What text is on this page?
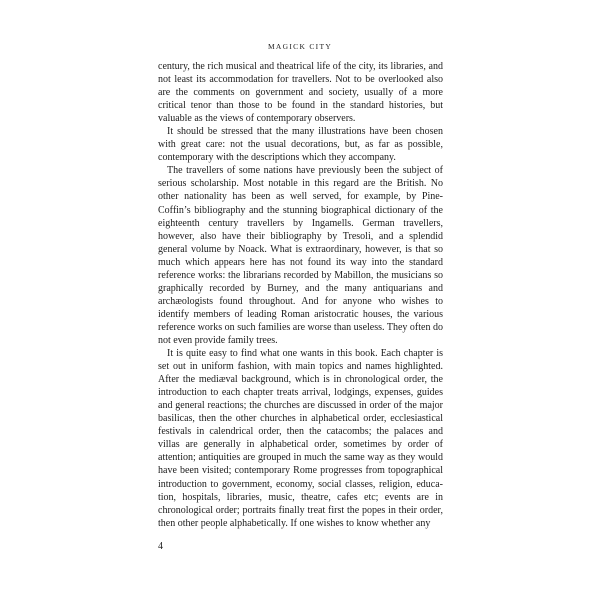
MAGICK CITY

century, the rich musical and theatrical life of the city, its libraries, and not least its accommodation for travellers. Not to be overlooked also are the comments on government and society, usually of a more critical tenor than those to be found in the standard histories, but valuable as the views of contemporary observers.

It should be stressed that the many illustrations have been chosen with great care: not the usual decorations, but, as far as possible, contemporary with the descriptions which they accompany.

The travellers of some nations have previously been the subject of serious scholarship. Most notable in this regard are the British. No other nationality has been as well served, for example, by Pine-Coffin’s bibliography and the stunning biographical dictionary of the eighteenth century travellers by Ingamells. German travellers, however, also have their bibliography by Tresoli, and a splendid general volume by Noack. What is extraordinary, however, is that so much which appears here has not found its way into the standard reference works: the librarians recorded by Mabillon, the musicians so graphically recorded by Burney, and the many antiquarians and archæologists found throughout. And for anyone who wishes to identify members of leading Roman aristocratic houses, the various reference works on such families are worse than useless. They often do not even provide family trees.

It is quite easy to find what one wants in this book. Each chapter is set out in uniform fashion, with main topics and names highlighted. After the mediæval background, which is in chronological order, the introduction to each chapter treats arrival, lodgings, expenses, guides and general reactions; the churches are discussed in order of the major basilicas, then the other churches in alphabetical order, ecclesiastical festivals in calendrical order, then the catacombs; the palaces and villas are generally in alphabetical order, sometimes by order of attention; antiquities are grouped in much the same way as they would have been visited; contemporary Rome progresses from topographical introduction to government, economy, social classes, religion, education, hospitals, libraries, music, theatre, cafes etc; events are in chronological order; portraits finally treat first the popes in their order, then other people alphabetically. If one wishes to know whether any

4
